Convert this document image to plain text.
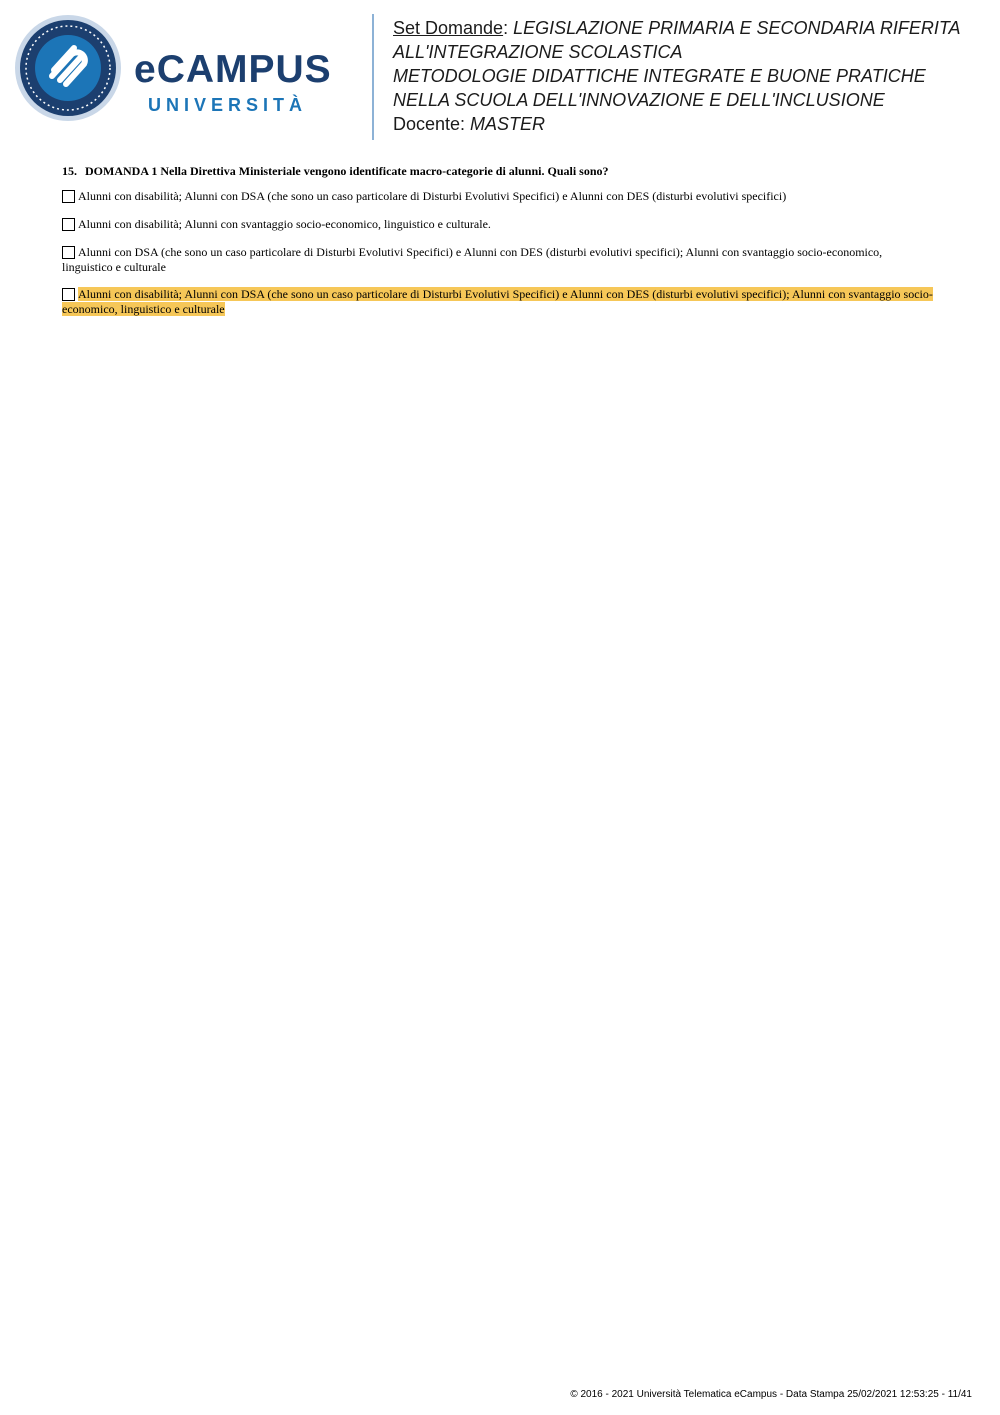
eCAMPUS
UNIVERSITÀ
Set Domande: LEGISLAZIONE PRIMARIA E SECONDARIA RIFERITA
ALL'INTEGRAZIONE SCOLASTICA
METODOLOGIE DIDATTICHE INTEGRATE E BUONE PRATICHE
NELLA SCUOLA DELL'INNOVAZIONE E DELL'INCLUSIONE
Docente: MASTER
15. DOMANDA 1 Nella Direttiva Ministeriale vengono identificate macro-categorie di alunni. Quali sono?
Alunni con disabilità; Alunni con DSA (che sono un caso particolare di Disturbi Evolutivi Specifici) e Alunni con DES (disturbi evolutivi specifici)
Alunni con disabilità; Alunni con svantaggio socio-economico, linguistico e culturale.
Alunni con DSA (che sono un caso particolare di Disturbi Evolutivi Specifici) e Alunni con DES (disturbi evolutivi specifici); Alunni con svantaggio socio-economico, linguistico e culturale
Alunni con disabilità; Alunni con DSA (che sono un caso particolare di Disturbi Evolutivi Specifici) e Alunni con DES (disturbi evolutivi specifici); Alunni con svantaggio socio-economico, linguistico e culturale
© 2016 - 2021 Università Telematica eCampus - Data Stampa 25/02/2021 12:53:25 - 11/41
